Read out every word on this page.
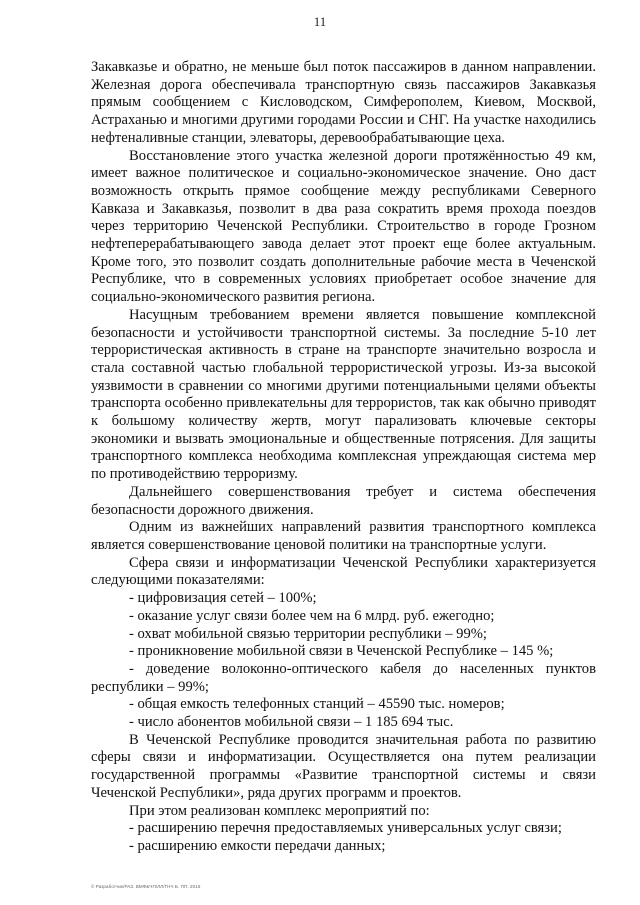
11

Закавказье и обратно, не меньше был поток пассажиров в данном направлении. Железная дорога обеспечивала транспортную связь пассажиров Закавказья прямым сообщением с Кисловодском, Симферополем, Киевом, Москвой, Астраханью и многими другими городами России и СНГ. На участке находились нефтеналивные станции, элеваторы, деревообрабатывающие цеха.

Восстановление этого участка железной дороги протяжённостью 49 км, имеет важное политическое и социально-экономическое значение. Оно даст возможность открыть прямое сообщение между республиками Северного Кавказа и Закавказья, позволит в два раза сократить время прохода поездов через территорию Чеченской Республики. Строительство в городе Грозном нефтеперерабатывающего завода делает этот проект еще более актуальным. Кроме того, это позволит создать дополнительные рабочие места в Чеченской Республике, что в современных условиях приобретает особое значение для социально-экономического развития региона.

Насущным требованием времени является повышение комплексной безопасности и устойчивости транспортной системы. За последние 5-10 лет террористическая активность в стране на транспорте значительно возросла и стала составной частью глобальной террористической угрозы. Из-за высокой уязвимости в сравнении со многими другими потенциальными целями объекты транспорта особенно привлекательны для террористов, так как обычно приводят к большому количеству жертв, могут парализовать ключевые секторы экономики и вызвать эмоциональные и общественные потрясения. Для защиты транспортного комплекса необходима комплексная упреждающая система мер по противодействию терроризму.

Дальнейшего совершенствования требует и система обеспечения безопасности дорожного движения.

Одним из важнейших направлений развития транспортного комплекса является совершенствование ценовой политики на транспортные услуги.

Сфера связи и информатизации Чеченской Республики характеризуется следующими показателями:

- цифровизация сетей – 100%;

- оказание услуг связи более чем на 6 млрд. руб. ежегодно;

- охват мобильной связью территории республики – 99%;

- проникновение мобильной связи в Чеченской Республике – 145 %;

- доведение волоконно-оптического кабеля до населенных пунктов республики – 99%;

- общая емкость телефонных станций – 45590 тыс. номеров;

- число абонентов мобильной связи – 1 185 694 тыс.

В Чеченской Республике проводится значительная работа по развитию сферы связи и информатизации. Осуществляется она путем реализации государственной программы «Развитие транспортной системы и связи Чеченской Республики», ряда других программ и проектов.

При этом реализован комплекс мероприятий по:

- расширению перечня предоставляемых универсальных услуг связи;

- расширению емкости передачи данных;

© Разработчик/РАЗ. ВМФ&ЧП/ЛЛ/ГНЧ Б. ПП. 2016
